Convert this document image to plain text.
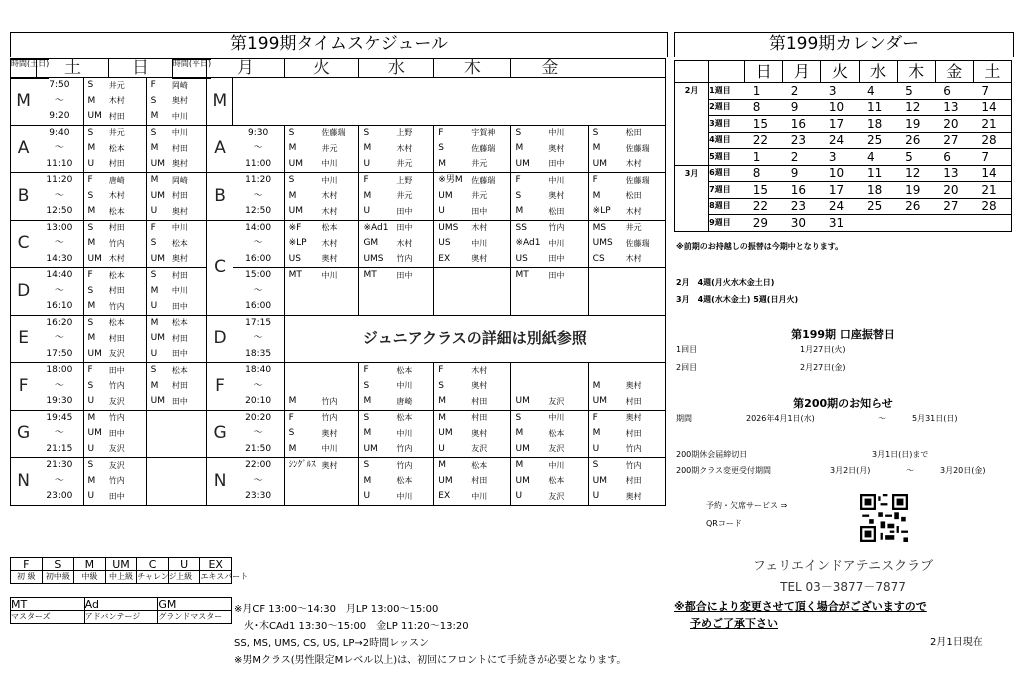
第199期タイムスケジュール	第199期カレンダー
時間(土日) 土		日		時間(平日) 月		火		水		木		金			
M	7:50	S	井元	F	岡崎	M											
	～	M	木村	S	奥村												
	9:20	UM	村田	M	中川												
A	9:40	S	井元	S	中川	A	9:30	S	佐藤瑞	S	上野	F	宇賀神	S	中川	S	松田
	～	M	松本	M	村田		～	M	井元	M	木村	S	佐藤瑞	M	奥村	M	佐藤瑞
	11:10	U	村田	UM	奥村		11:00	UM	中川	U	井元	M	井元	UM	田中	UM	木村
B	11:20	F	唐崎	M	岡崎	B	11:20	S	中川	F	上野	※男M	佐藤瑞	F	中川	F	佐藤瑞
	～	S	木村	UM	村田		～	M	木村	M	井元	UM	井元	S	奥村	M	松田
	12:50	M	松本	U	奥村		12:50	UM	木村	U	田中	U	田中	M	松田	※LP	木村
C	13:00	S	村田	F	中川	C	14:00	※F	松本	※Ad1	田中	UMS	木村	SS	竹内	MS	井元
	～	M	竹内	S	松本		～	※LP	木村	GM	木村	US	中川	※Ad1	中川	UMS	佐藤瑞
	14:30	UM	木村	UM	奥村		16:00	US	奥村	UMS	竹内	EX	奥村	US	田中	CS	木村
D	14:40	F	松本	S	村田		15:00	MT	中川	MT	田中			MT	田中		
	～	S	村田	M	中川		～										
	16:10	M	竹内	U	田中		16:00										
E	16:20	S	松本	M	松本	D	17:15	ジュニアクラスの詳細は別紙参照									
	～	M	村田	UM	村田		～										
	17:50	UM	友沢	U	田中		18:35										
F	18:00	F	田中	S	松本	F	18:40			F	松本	F	木村				
	～	S	竹内	M	村田		～			S	中川	S	奥村			M	奥村
	19:30	U	友沢	UM	田中		20:10	M	竹内	M	唐崎	M	村田	UM	友沢	UM	村田
G	19:45	M	竹内			G	20:20	F	竹内	S	松本	M	村田	S	中川	F	奥村
	～	UM	田中				～	S	奥村	M	中川	UM	奥村	M	松本	M	村田
	21:15	U	友沢				21:50	M	中川	UM	竹内	U	友沢	UM	友沢	U	竹内
N	21:30	S	友沢			N	22:00	ｼﾝｸﾞﾙｽ	奥村	S	竹内	M	松本	M	中川	S	竹内
	～	M	竹内				～			M	松本	UM	村田	UM	松本	UM	村田
	23:00	U	田中				23:30			U	中川	EX	中川	U	友沢	U	奥村
		日	月	火	水	木	金	土
2月	1週目	1	2	3	4	5	6	7
	2週目	8	9	10	11	12	13	14
	3週目	15	16	17	18	19	20	21
	4週目	22	23	24	25	26	27	28
	5週目	1	2	3	4	5	6	7
3月	6週目	8	9	10	11	12	13	14
	7週目	15	16	17	18	19	20	21
	8週目	22	23	24	25	26	27	28
	9週目	29	30	31				
※前期のお持越しの振替は今期中となります。
2月　4週(月火水木金土日)
3月　4週(水木金土) 5週(日月火)
第199期 口座振替日
1回目	1月27日(火)
2回目	2月27日(金)
第200期のお知らせ
期間	2026年4月1日(水)	～	5月31日(日)
200期休会届締切日	3月1日(日)まで
200期クラス変更受付期間	3月2日(月)	～	3月20日(金)
予約・欠席サービス ⇒
QRコード
フェリエインドアテニスクラブ
TEL 03－3877－7877
※都合により変更させて頂く場合がございますので
予めご了承下さい
2月1日現在
F	S	M	UM	C	U	EX
初 級	初中級	中級	中上級	チャレンジ	上級	エキスパート
MT	Ad	GM
マスターズ	アドバンテージ	グランドマスター
※月CF 13:00～14:30　月LP 13:00～15:00
　火･木CAd1 13:30～15:00　金LP 11:20～13:20
SS, MS, UMS, CS, US, LP→2時間レッスン
※男Mクラス(男性限定Mレベル以上)は、初回にフロントにて手続きが必要となります。
